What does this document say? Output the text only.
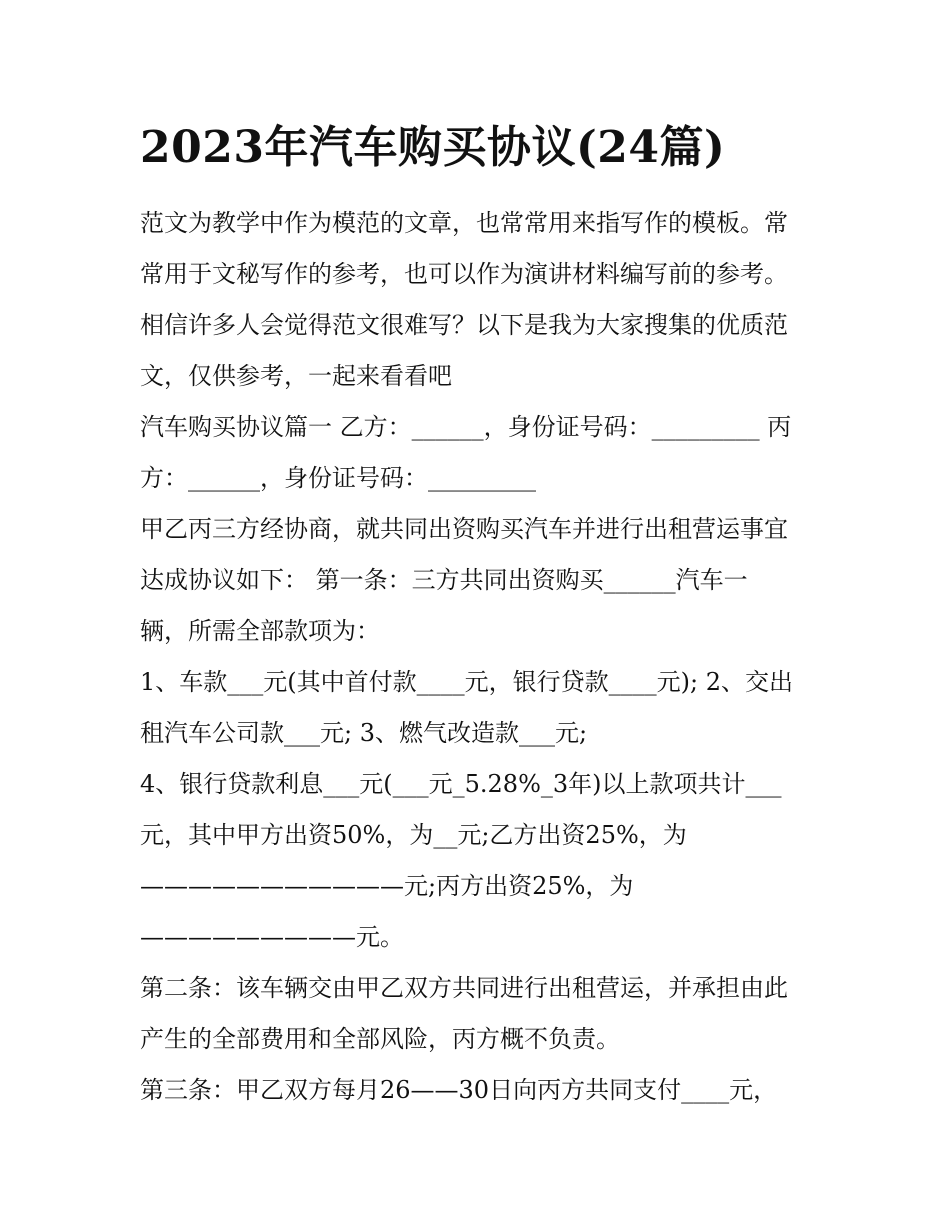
2023年汽车购买协议(24篇)
范文为教学中作为模范的文章，也常常用来指写作的模板。常
常用于文秘写作的参考，也可以作为演讲材料编写前的参考。
相信许多人会觉得范文很难写？以下是我为大家搜集的优质范
文，仅供参考，一起来看看吧
汽车购买协议篇一 乙方：______，身份证号码：_________ 丙
方：______，身份证号码：_________
甲乙丙三方经协商，就共同出资购买汽车并进行出租营运事宜
达成协议如下： 第一条：三方共同出资购买______汽车一
辆，所需全部款项为：
1、车款___元(其中首付款____元，银行贷款____元); 2、交出
租汽车公司款___元; 3、燃气改造款___元;
4、银行贷款利息___元(___元_5.28%_3年)以上款项共计___
元，其中甲方出资50%，为__元;乙方出资25%，为
———————————元;丙方出资25%，为
—————————元。
第二条：该车辆交由甲乙双方共同进行出租营运，并承担由此
产生的全部费用和全部风险，丙方概不负责。
第三条：甲乙双方每月26——30日向丙方共同支付____元，
